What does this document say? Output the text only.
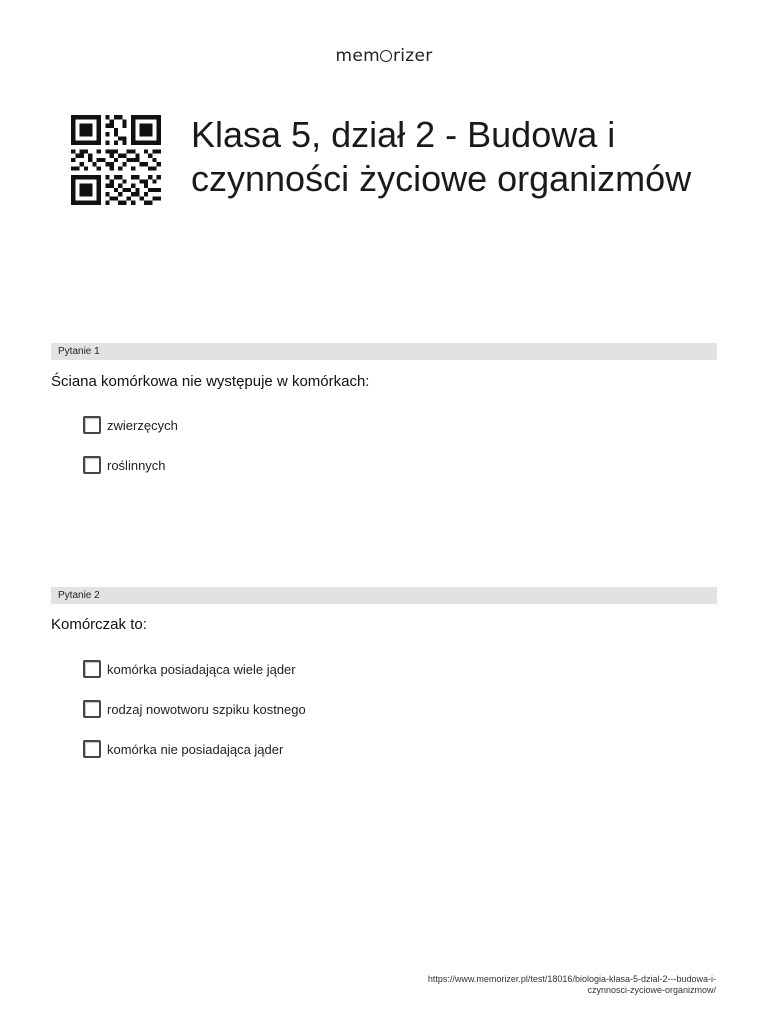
mem rizer
Klasa 5, dział 2 - Budowa i czynności życiowe organizmów
Pytanie 1
Ściana komórkowa nie występuje w komórkach:
zwierzęcych
roślinnych
Pytanie 2
Komórczak to:
komórka posiadająca wiele jąder
rodzaj nowotworu szpiku kostnego
komórka nie posiadająca jąder
https://www.memorizer.pl/test/18016/biologia-klasa-5-dzial-2---budowa-i-
czynnosci-zyciowe-organizmow/
